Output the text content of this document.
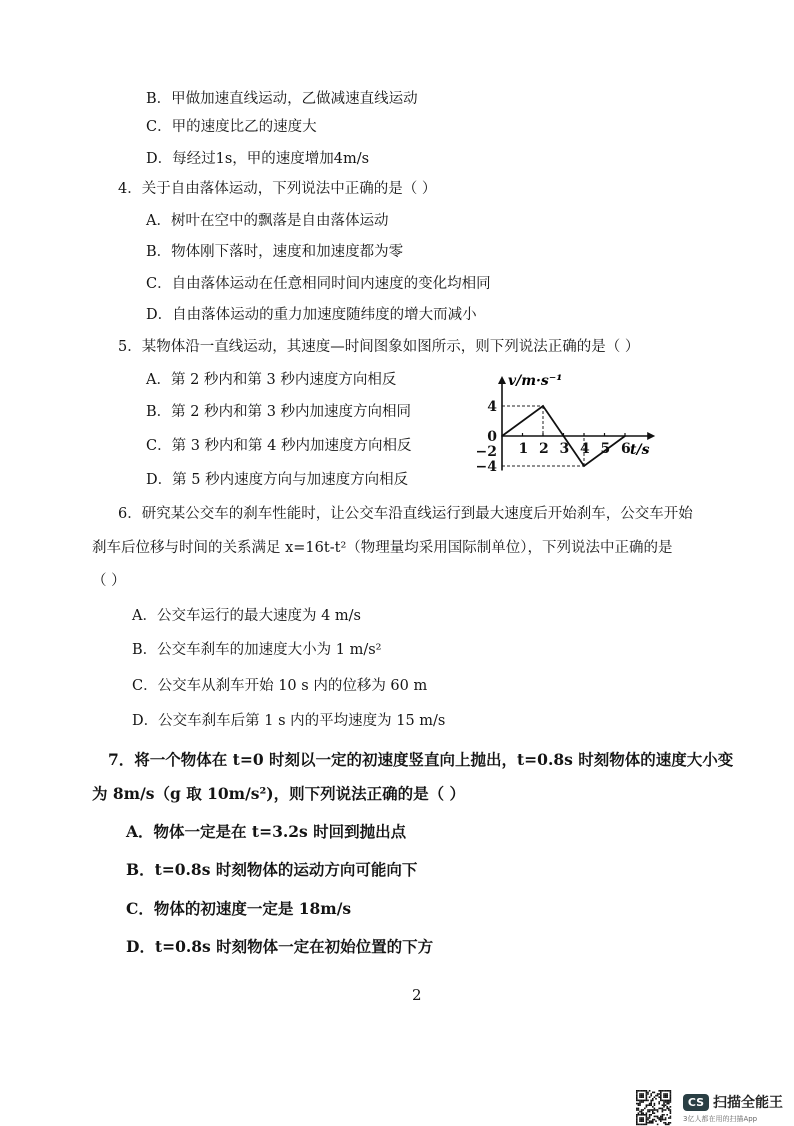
B．甲做加速直线运动，乙做减速直线运动
C．甲的速度比乙的速度大
D．每经过1s，甲的速度增加4m/s
4．关于自由落体运动，下列说法中正确的是（ ）
A．树叶在空中的飘落是自由落体运动
B．物体刚下落时，速度和加速度都为零
C．自由落体运动在任意相同时间内速度的变化均相同
D．自由落体运动的重力加速度随纬度的增大而减小
5．某物体沿一直线运动，其速度—时间图象如图所示，则下列说法正确的是（ ）
A．第 2 秒内和第 3 秒内速度方向相反
B．第 2 秒内和第 3 秒内加速度方向相同
C．第 3 秒内和第 4 秒内加速度方向相反
D．第 5 秒内速度方向与加速度方向相反
1 2 3 4 5 6
4
0
−2
−4
v/m·s⁻¹
t/s
6．研究某公交车的刹车性能时，让公交车沿直线运行到最大速度后开始刹车，公交车开始
刹车后位移与时间的关系满足 x=16t-t²（物理量均采用国际制单位），下列说法中正确的是
（ ）
A．公交车运行的最大速度为 4 m/s
B．公交车刹车的加速度大小为 1 m/s²
C．公交车从刹车开始 10 s 内的位移为 60 m
D．公交车刹车后第 1 s 内的平均速度为 15 m/s
7．将一个物体在 t=0 时刻以一定的初速度竖直向上抛出，t=0.8s 时刻物体的速度大小变
为 8m/s（g 取 10m/s²)，则下列说法正确的是（ ）
A．物体一定是在 t=3.2s 时回到抛出点
B．t=0.8s 时刻物体的运动方向可能向下
C．物体的初速度一定是 18m/s
D．t=0.8s 时刻物体一定在初始位置的下方
2
CS 扫描全能王
3亿人都在用的扫描App
